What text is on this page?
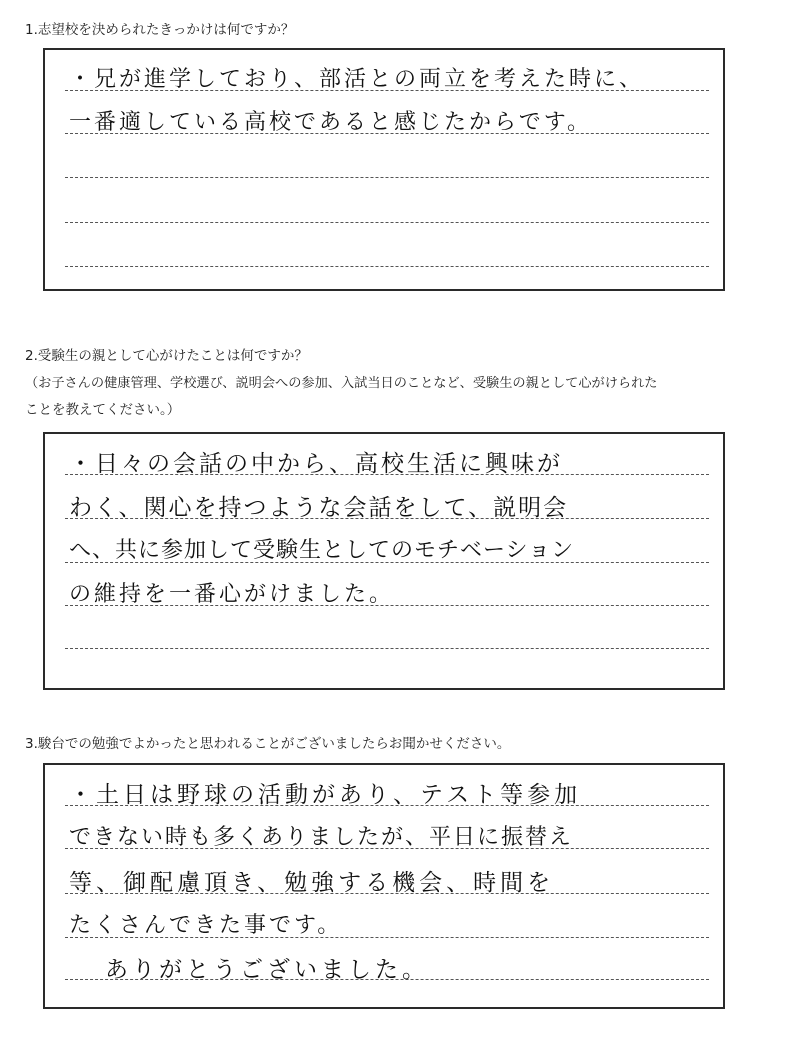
1.志望校を決められたきっかけは何ですか？
・兄が進学しており、部活との両立を考えた時に、
一番適している高校であると感じたからです。
2.受験生の親として心がけたことは何ですか？
（お子さんの健康管理、学校選び、説明会への参加、入試当日のことなど、受験生の親として心がけられた
ことを教えてください。）
・日々の会話の中から、高校生活に興味が
わく、関心を持つような会話をして、説明会
へ、共に参加して受験生としてのモチベーション
の維持を一番心がけました。
3.駿台での勉強でよかったと思われることがございましたらお聞かせください。
・土日は野球の活動があり、テスト等参加
できない時も多くありましたが、平日に振替え
等、御配慮頂き、勉強する機会、時間を
たくさんできた事です。
ありがとうございました。
